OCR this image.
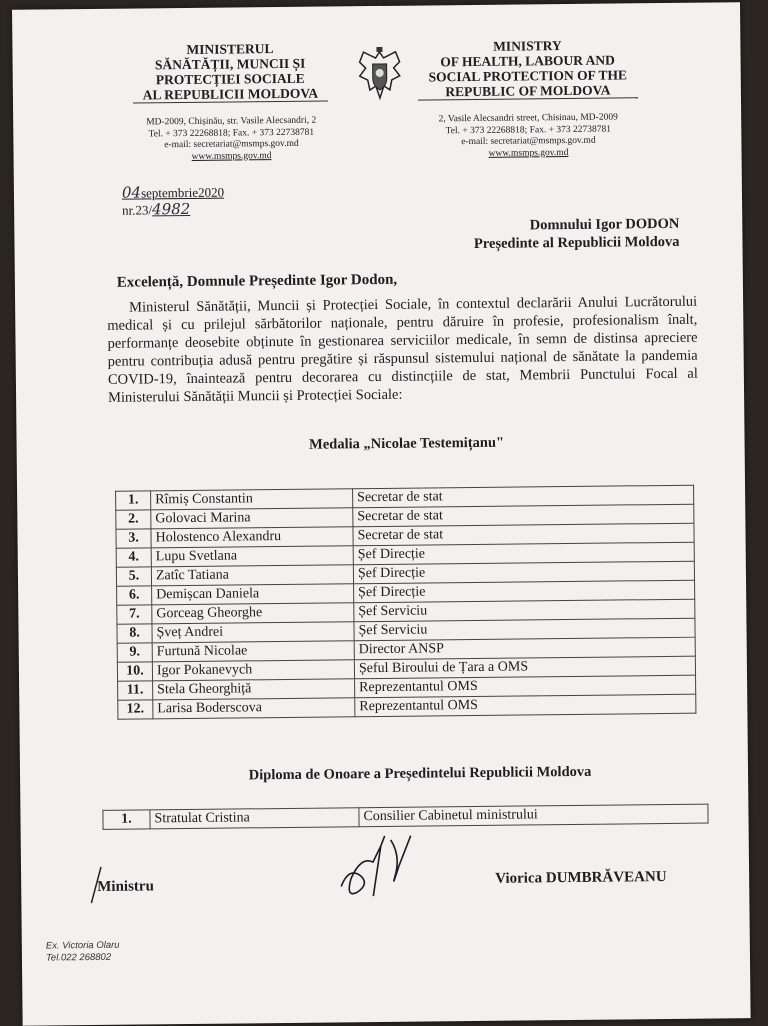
MINISTERUL
SĂNĂTĂȚII, MUNCII ȘI
PROTECȚIEI SOCIALE
AL REPUBLICII MOLDOVA
MINISTRY
OF HEALTH, LABOUR AND
SOCIAL PROTECTION OF THE
REPUBLIC OF MOLDOVA
MD-2009, Chișinău, str. Vasile Alecsandri, 2
Tel. + 373 22268818; Fax. + 373 22738781
e-mail: secretariat@msmps.gov.md
www.msmps.gov.md
2, Vasile Alecsandri street, Chisinau, MD-2009
Tel. + 373 22268818; Fax. + 373 22738781
e-mail: secretariat@msmps.gov.md
www.msmps.gov.md
04septembrie2020
nr.23/4982
Domnului Igor DODON
Președinte al Republicii Moldova
Excelență, Domnule Președinte Igor Dodon,
Ministerul Sănătății, Muncii și Protecției Sociale, în contextul declarării Anului Lucrătorului medical și cu prilejul sărbătorilor naționale, pentru dăruire în profesie, profesionalism înalt, performanțe deosebite obținute în gestionarea serviciilor medicale, în semn de distinsa apreciere pentru contribuția adusă pentru pregătire și răspunsul sistemului național de sănătate la pandemia COVID-19, înaintează pentru decorarea cu distincțiile de stat, Membrii Punctului Focal al Ministerului Sănătății Muncii și Protecției Sociale:
Medalia „Nicolae Testemițanu"
1.	Rîmiș Constantin	Secretar de stat
2.	Golovaci Marina	Secretar de stat
3.	Holostenco Alexandru	Secretar de stat
4.	Lupu Svetlana	Șef Direcție
5.	Zatîc Tatiana	Șef Direcție
6.	Demișcan Daniela	Șef Direcție
7.	Gorceag Gheorghe	Șef Serviciu
8.	Șveț Andrei	Șef Serviciu
9.	Furtună Nicolae	Director ANSP
10.	Igor Pokanevych	Șeful Biroului de Țara a OMS
11.	Stela Gheorghiță	Reprezentantul OMS
12.	Larisa Boderscova	Reprezentantul OMS
Diploma de Onoare a Președintelui Republicii Moldova
1.	Stratulat Cristina	Consilier Cabinetul ministrului
Ministru	Viorica DUMBRĂVEANU
Ex. Victoria Olaru
Tel.022 268802
